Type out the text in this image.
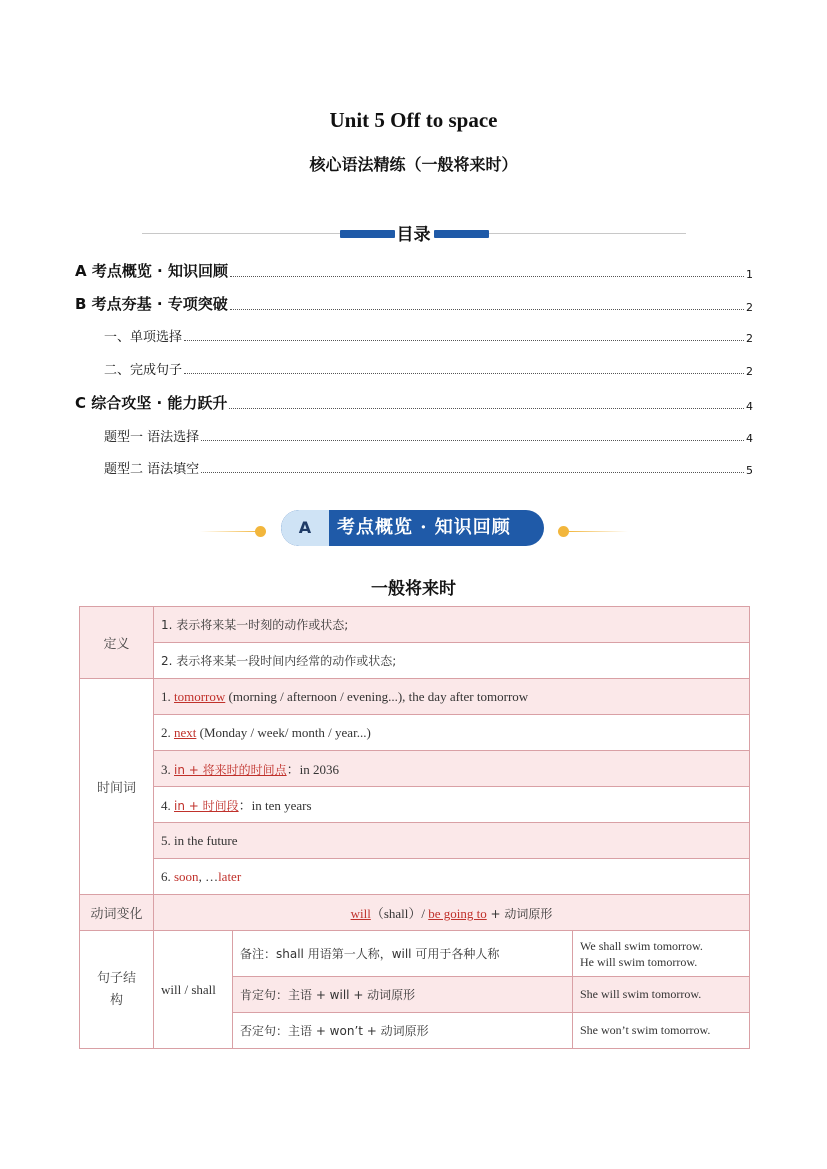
Unit 5 Off to space
核心语法精练（一般将来时）
目录
A 考点概览 · 知识回顾	1
B 考点夯基 · 专项突破	2
一、单项选择	2
二、完成句子	2
C 综合攻坚 · 能力跃升	4
题型一 语法选择	4
题型二 语法填空	5
A	考点概览 · 知识回顾
一般将来时
定义	1. 表示将来某一时刻的动作或状态;		
	2. 表示将来某一段时间内经常的动作或状态;		
时间词	1. tomorrow (morning / afternoon / evening...), the day after tomorrow		
	2. next (Monday / week/ month / year...)		
	3. in + 将来时的时间点：in 2036		
	4. in + 时间段：in ten years		
	5. in the future		
	6. soon, …later		
动词变化	will（shall）/ be going to + 动词原形		
句子结构	will / shall	备注：shall 用语第一人称，will 可用于各种人称	We shall swim tomorrow.
He will swim tomorrow.
		肯定句：主语 + will + 动词原形	She will swim tomorrow.
		否定句：主语 + won’t + 动词原形	She won’t swim tomorrow.
